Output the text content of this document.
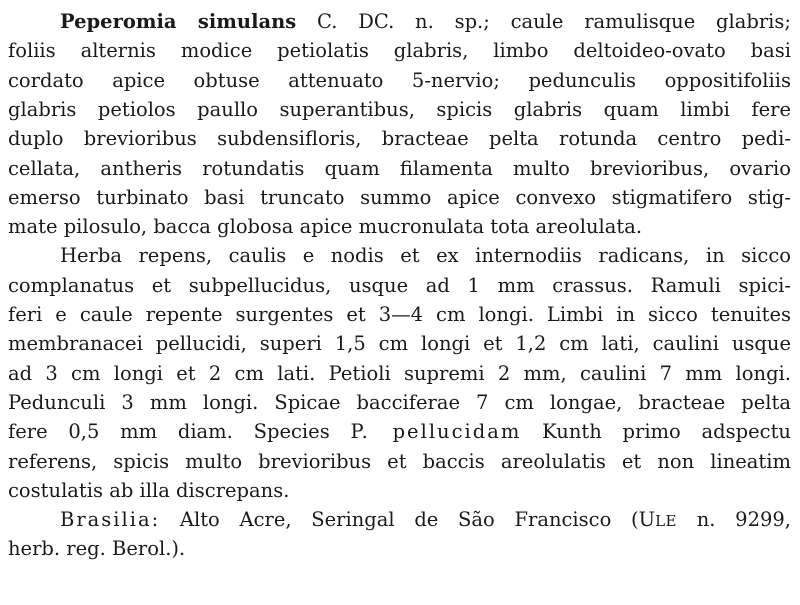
Peperomia simulans C. DC. n. sp.; caule ramulisque glabris;
foliis alternis modice petiolatis glabris, limbo deltoideo-ovato basi
cordato apice obtuse attenuato 5-nervio; pedunculis oppositifoliis
glabris petiolos paullo superantibus, spicis glabris quam limbi fere
duplo brevioribus subdensifloris, bracteae pelta rotunda centro pedi-
cellata, antheris rotundatis quam filamenta multo brevioribus, ovario
emerso turbinato basi truncato summo apice convexo stigmatifero stig-
mate pilosulo, bacca globosa apice mucronulata tota areolulata.
Herba repens, caulis e nodis et ex internodiis radicans, in sicco
complanatus et subpellucidus, usque ad 1 mm crassus. Ramuli spici-
feri e caule repente surgentes et 3—4 cm longi. Limbi in sicco tenuites
membranacei pellucidi, superi 1,5 cm longi et 1,2 cm lati, caulini usque
ad 3 cm longi et 2 cm lati. Petioli supremi 2 mm, caulini 7 mm longi.
Pedunculi 3 mm longi. Spicae bacciferae 7 cm longae, bracteae pelta
fere 0,5 mm diam. Species P. pellucidam Kunth primo adspectu
referens, spicis multo brevioribus et baccis areolulatis et non lineatim
costulatis ab illa discrepans.
Brasilia: Alto Acre, Seringal de São Francisco (ULE n. 9299,
herb. reg. Berol.).
